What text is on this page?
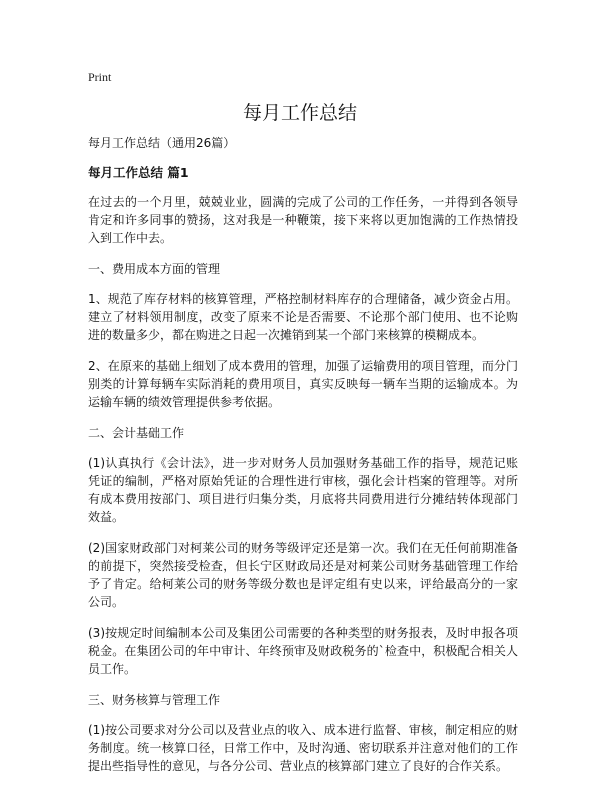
Print
每月工作总结

每月工作总结（通用26篇）

每月工作总结 篇1

在过去的一个月里，兢兢业业，圆满的完成了公司的工作任务，一并得到各领导肯定和许多同事的赞扬，这对我是一种鞭策，接下来将以更加饱满的工作热情投入到工作中去。

一、费用成本方面的管理

1、规范了库存材料的核算管理，严格控制材料库存的合理储备，减少资金占用。建立了材料领用制度，改变了原来不论是否需要、不论那个部门使用、也不论购进的数量多少，都在购进之日起一次摊销到某一个部门来核算的模糊成本。

2、在原来的基础上细划了成本费用的管理，加强了运输费用的项目管理，而分门别类的计算每辆车实际消耗的费用项目，真实反映每一辆车当期的运输成本。为运输车辆的绩效管理提供参考依据。

二、会计基础工作

(1)认真执行《会计法》，进一步对财务人员加强财务基础工作的指导，规范记账凭证的编制，严格对原始凭证的合理性进行审核，强化会计档案的管理等。对所有成本费用按部门、项目进行归集分类，月底将共同费用进行分摊结转体现部门效益。

(2)国家财政部门对柯莱公司的财务等级评定还是第一次。我们在无任何前期准备的前提下，突然接受检查，但长宁区财政局还是对柯莱公司财务基础管理工作给予了肯定。给柯莱公司的财务等级分数也是评定组有史以来，评给最高分的一家公司。

(3)按规定时间编制本公司及集团公司需要的各种类型的财务报表，及时申报各项税金。在集团公司的年中审计、年终预审及财政税务的`检查中，积极配合相关人员工作。

三、财务核算与管理工作

(1)按公司要求对分公司以及营业点的收入、成本进行监督、审核，制定相应的财务制度。统一核算口径，日常工作中，及时沟通、密切联系并注意对他们的工作提出些指导性的意见，与各分公司、营业点的核算部门建立了良好的合作关系。
